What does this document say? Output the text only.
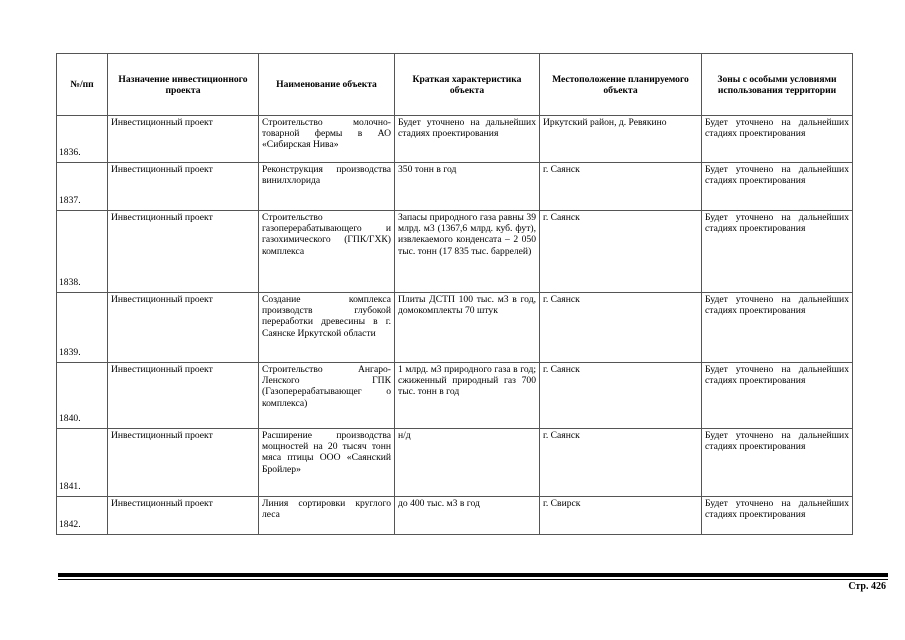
№/пп	Назначение инвестиционного проекта	Наименование объекта	Краткая характеристика объекта	Местоположение планируемого объекта	Зоны с особыми условиями использования территории
1836.	Инвестиционный проект	Строительство молочно-товарной фермы в АО «Сибирская Нива»	Будет уточнено на дальнейших стадиях проектирования	Иркутский район, д. Ревякино	Будет уточнено на дальнейших стадиях проектирования
1837.	Инвестиционный проект	Реконструкция производства винилхлорида	350 тонн в год	г. Саянск	Будет уточнено на дальнейших стадиях проектирования
1838.	Инвестиционный проект	Строительство газоперерабатывающего и газохимического (ГПК/ГХК) комплекса	Запасы природного газа равны 39 млрд. м3 (1367,6 млрд. куб. фут), извлекаемого конденсата – 2 050 тыс. тонн (17 835 тыс. баррелей)	г. Саянск	Будет уточнено на дальнейших стадиях проектирования
1839.	Инвестиционный проект	Создание комплекса производств глубокой переработки древесины в г. Саянске Иркутской области	Плиты ДСТП 100 тыс. м3 в год, домокомплекты 70 штук	г. Саянск	Будет уточнено на дальнейших стадиях проектирования
1840.	Инвестиционный проект	Строительство Ангаро-Ленского ГПК (Газоперерабатывающег о комплекса)	1 млрд. м3 природного газа в год; сжиженный природный газ 700 тыс. тонн в год	г. Саянск	Будет уточнено на дальнейших стадиях проектирования
1841.	Инвестиционный проект	Расширение производства мощностей на 20 тысяч тонн мяса птицы ООО «Саянский Бройлер»	н/д	г. Саянск	Будет уточнено на дальнейших стадиях проектирования
1842.	Инвестиционный проект	Линия сортировки круглого леса	до 400 тыс. м3 в год	г. Свирск	Будет уточнено на дальнейших стадиях проектирования
Стр. 426
